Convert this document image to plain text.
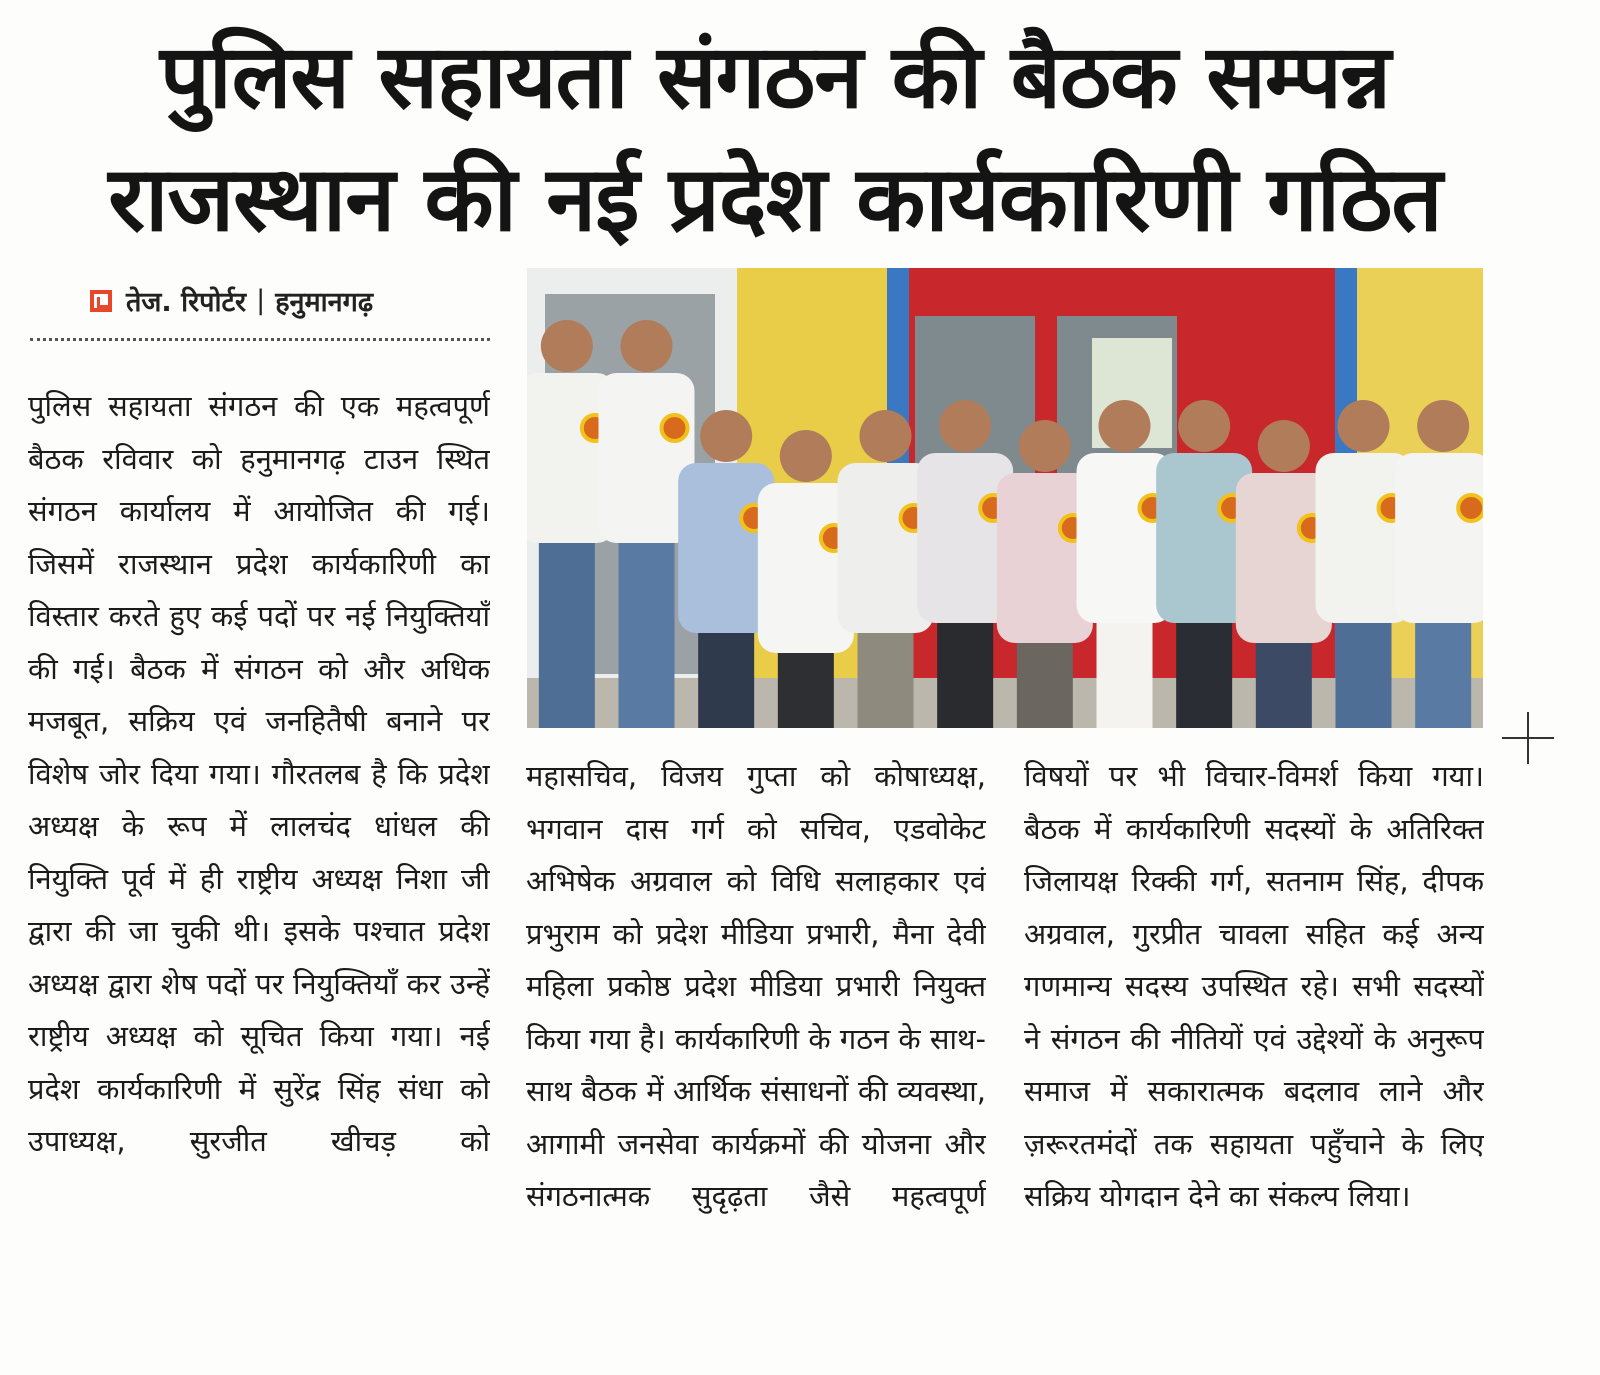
पुलिस सहायता संगठन की बैठक सम्पन्न
राजस्थान की नई प्रदेश कार्यकारिणी गठित
तेज. रिपोर्टर | हनुमानगढ़

पुलिस सहायता संगठन की एक महत्वपूर्ण बैठक रविवार को हनुमानगढ़ टाउन स्थित संगठन कार्यालय में आयोजित की गई। जिसमें राजस्थान प्रदेश कार्यकारिणी का विस्तार करते हुए कई पदों पर नई नियुक्तियाँ की गई। बैठक में संगठन को और अधिक मजबूत, सक्रिय एवं जनहितैषी बनाने पर विशेष जोर दिया गया। गौरतलब है कि प्रदेश अध्यक्ष के रूप में लालचंद धांधल की नियुक्ति पूर्व में ही राष्ट्रीय अध्यक्ष निशा जी द्वारा की जा चुकी थी। इसके पश्चात प्रदेश अध्यक्ष द्वारा शेष पदों पर नियुक्तियाँ कर उन्हें राष्ट्रीय अध्यक्ष को सूचित किया गया। नई प्रदेश कार्यकारिणी में सुरेंद्र सिंह संधा को उपाध्यक्ष, सुरजीत खीचड़ को

महासचिव, विजय गुप्ता को कोषाध्यक्ष, भगवान दास गर्ग को सचिव, एडवोकेट अभिषेक अग्रवाल को विधि सलाहकार एवं प्रभुराम को प्रदेश मीडिया प्रभारी, मैना देवी महिला प्रकोष्ठ प्रदेश मीडिया प्रभारी नियुक्त किया गया है। कार्यकारिणी के गठन के साथ-साथ बैठक में आर्थिक संसाधनों की व्यवस्था, आगामी जनसेवा कार्यक्रमों की योजना और संगठनात्मक सुदृढ़ता जैसे महत्वपूर्ण

विषयों पर भी विचार-विमर्श किया गया। बैठक में कार्यकारिणी सदस्यों के अतिरिक्त जिलायक्ष रिक्की गर्ग, सतनाम सिंह, दीपक अग्रवाल, गुरप्रीत चावला सहित कई अन्य गणमान्य सदस्य उपस्थित रहे। सभी सदस्यों ने संगठन की नीतियों एवं उद्देश्यों के अनुरूप समाज में सकारात्मक बदलाव लाने और ज़रूरतमंदों तक सहायता पहुँचाने के लिए सक्रिय योगदान देने का संकल्प लिया।
